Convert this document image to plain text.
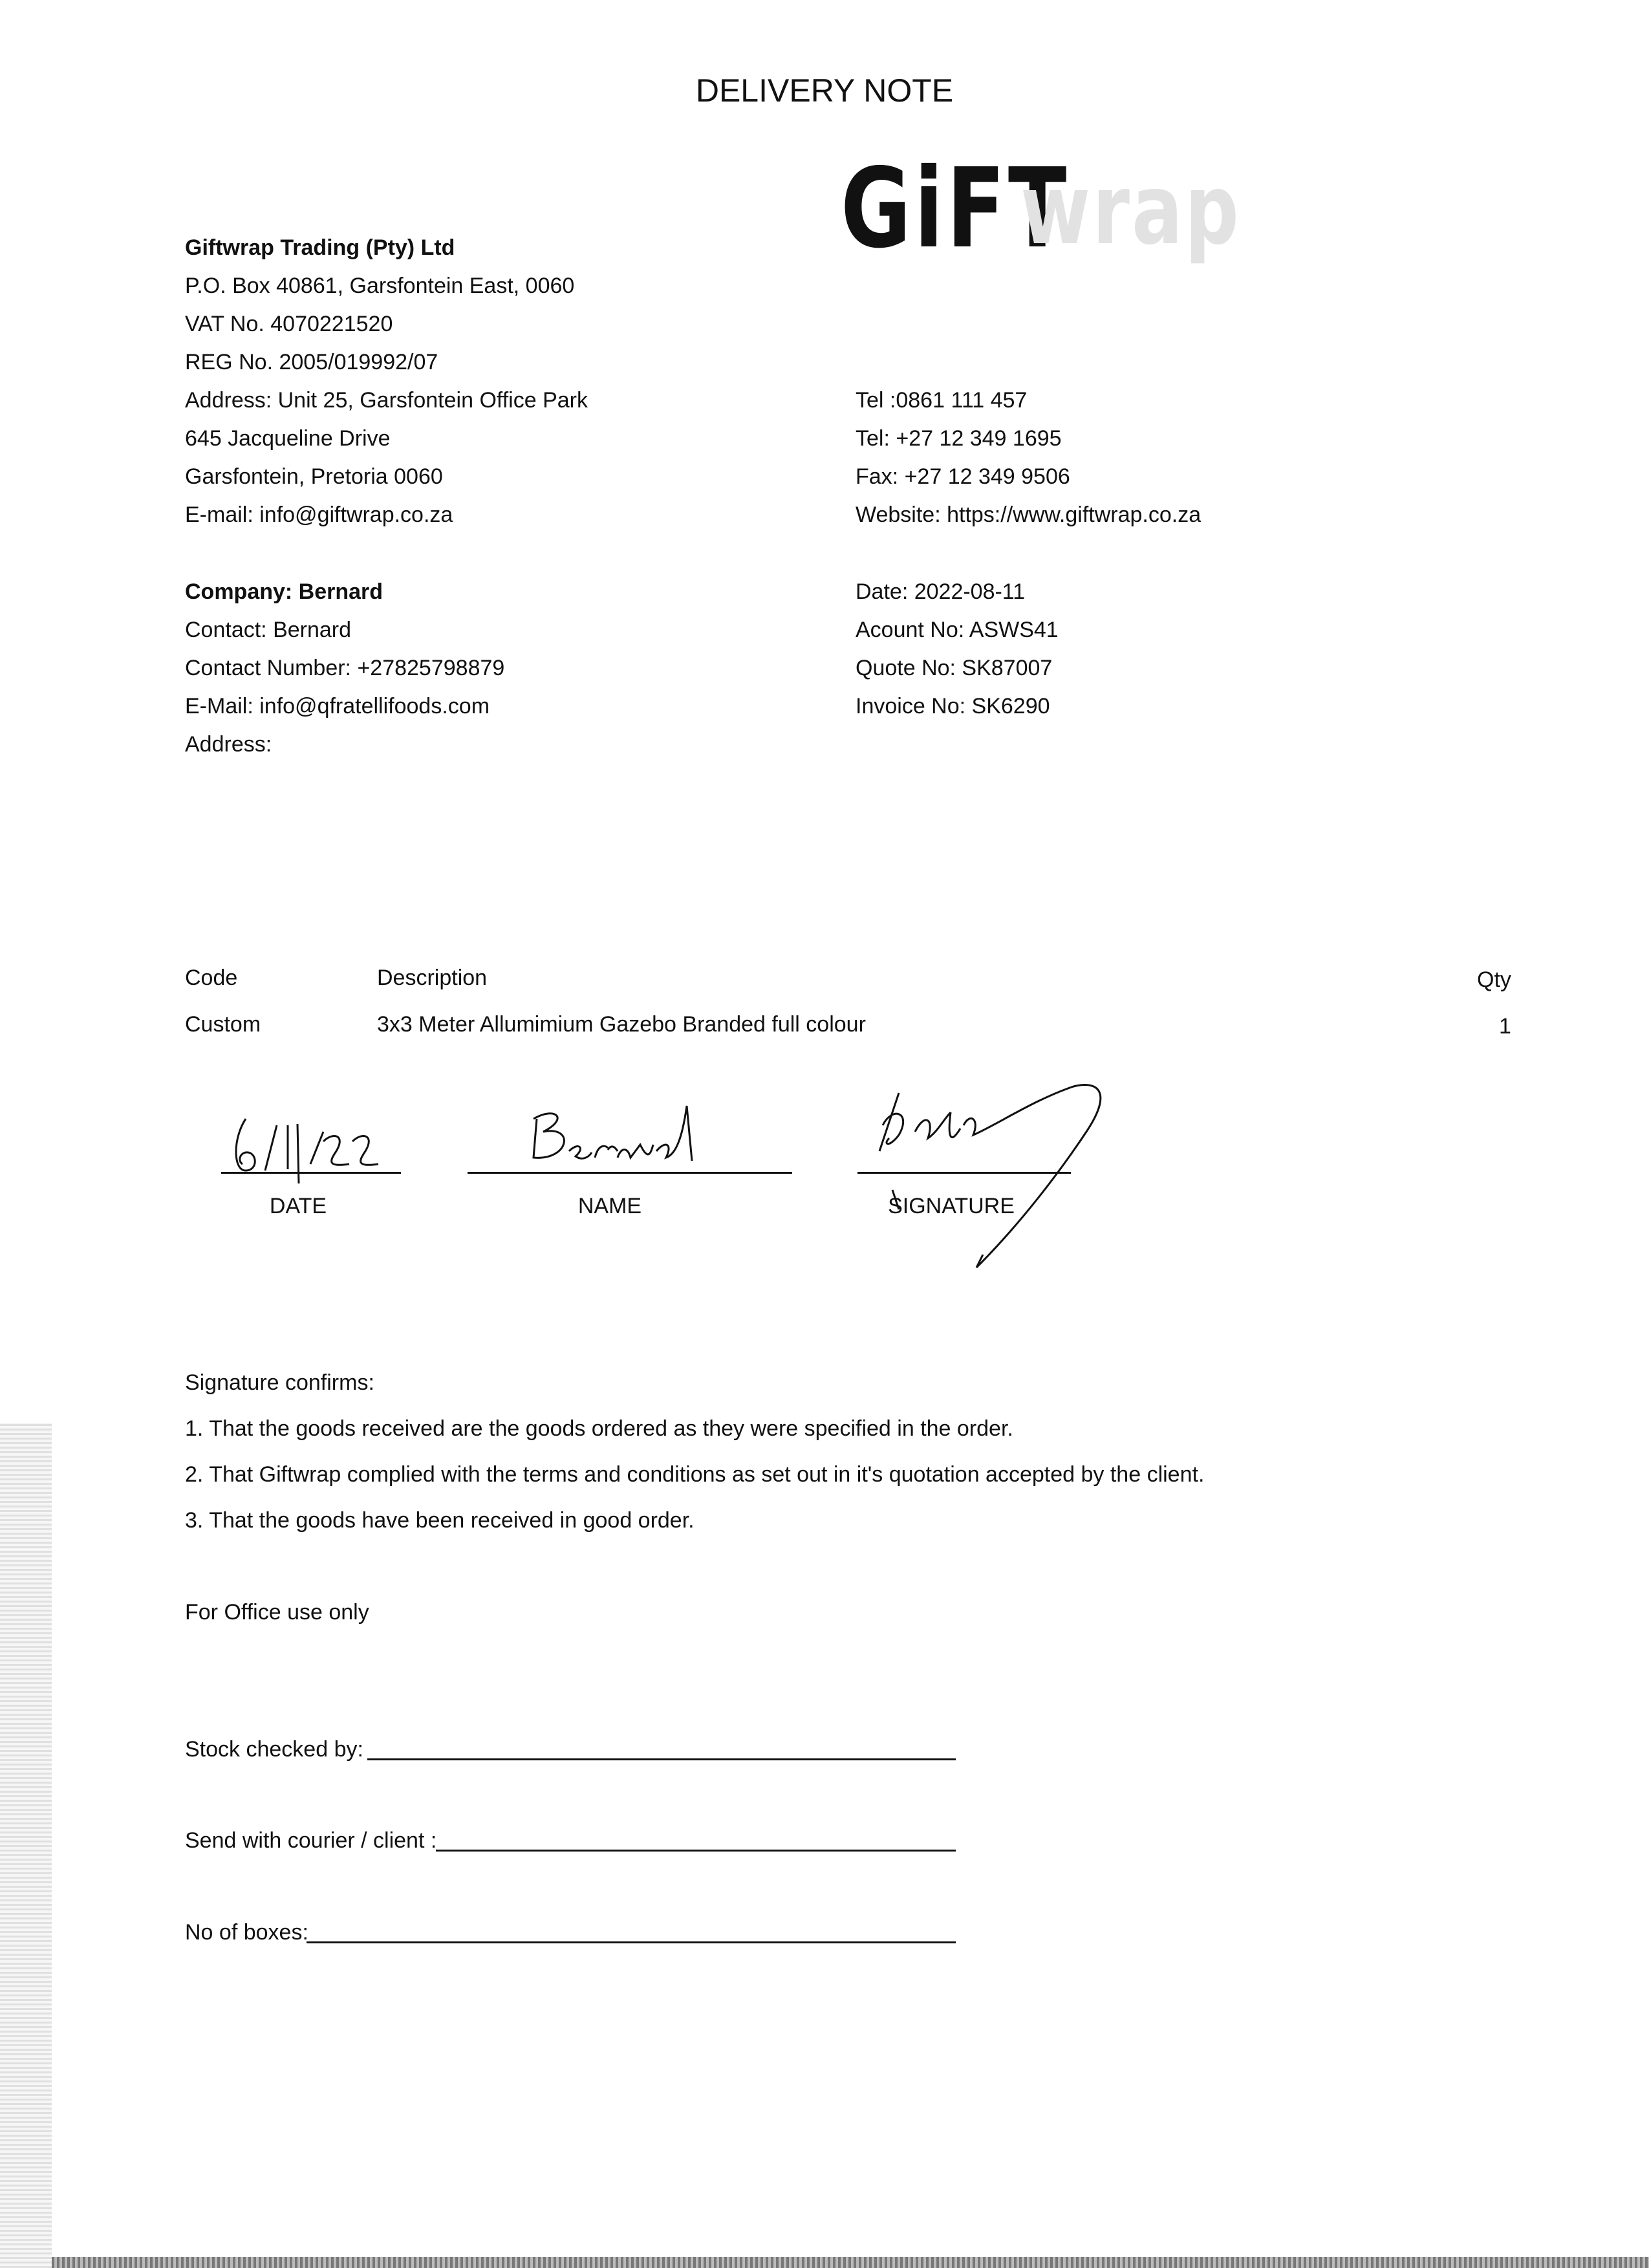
DELIVERY NOTE
GiFT
wrap
Giftwrap Trading (Pty) Ltd
P.O. Box 40861, Garsfontein East, 0060
VAT No. 4070221520
REG No. 2005/019992/07
Address: Unit 25, Garsfontein Office Park
645 Jacqueline Drive
Garsfontein, Pretoria 0060
E-mail: info@giftwrap.co.za
Tel :0861 111 457
Tel: +27 12 349 1695
Fax: +27 12 349 9506
Website: https://www.giftwrap.co.za
Company: Bernard
Contact: Bernard
Contact Number: +27825798879
E-Mail: info@qfratellifoods.com
Address:
Date: 2022-08-11
Acount No: ASWS41
Quote No: SK87007
Invoice No: SK6290
Code	Description	Qty
Custom	3x3 Meter Allumimium Gazebo Branded full colour	1
DATE	NAME	SIGNATURE
Signature confirms:
1. That the goods received are the goods ordered as they were specified in the order.
2. That Giftwrap complied with the terms and conditions as set out in it's quotation accepted by the client.
3. That the goods have been received in good order.
For Office use only
Stock checked by:
Send with courier / client :
No of boxes:
